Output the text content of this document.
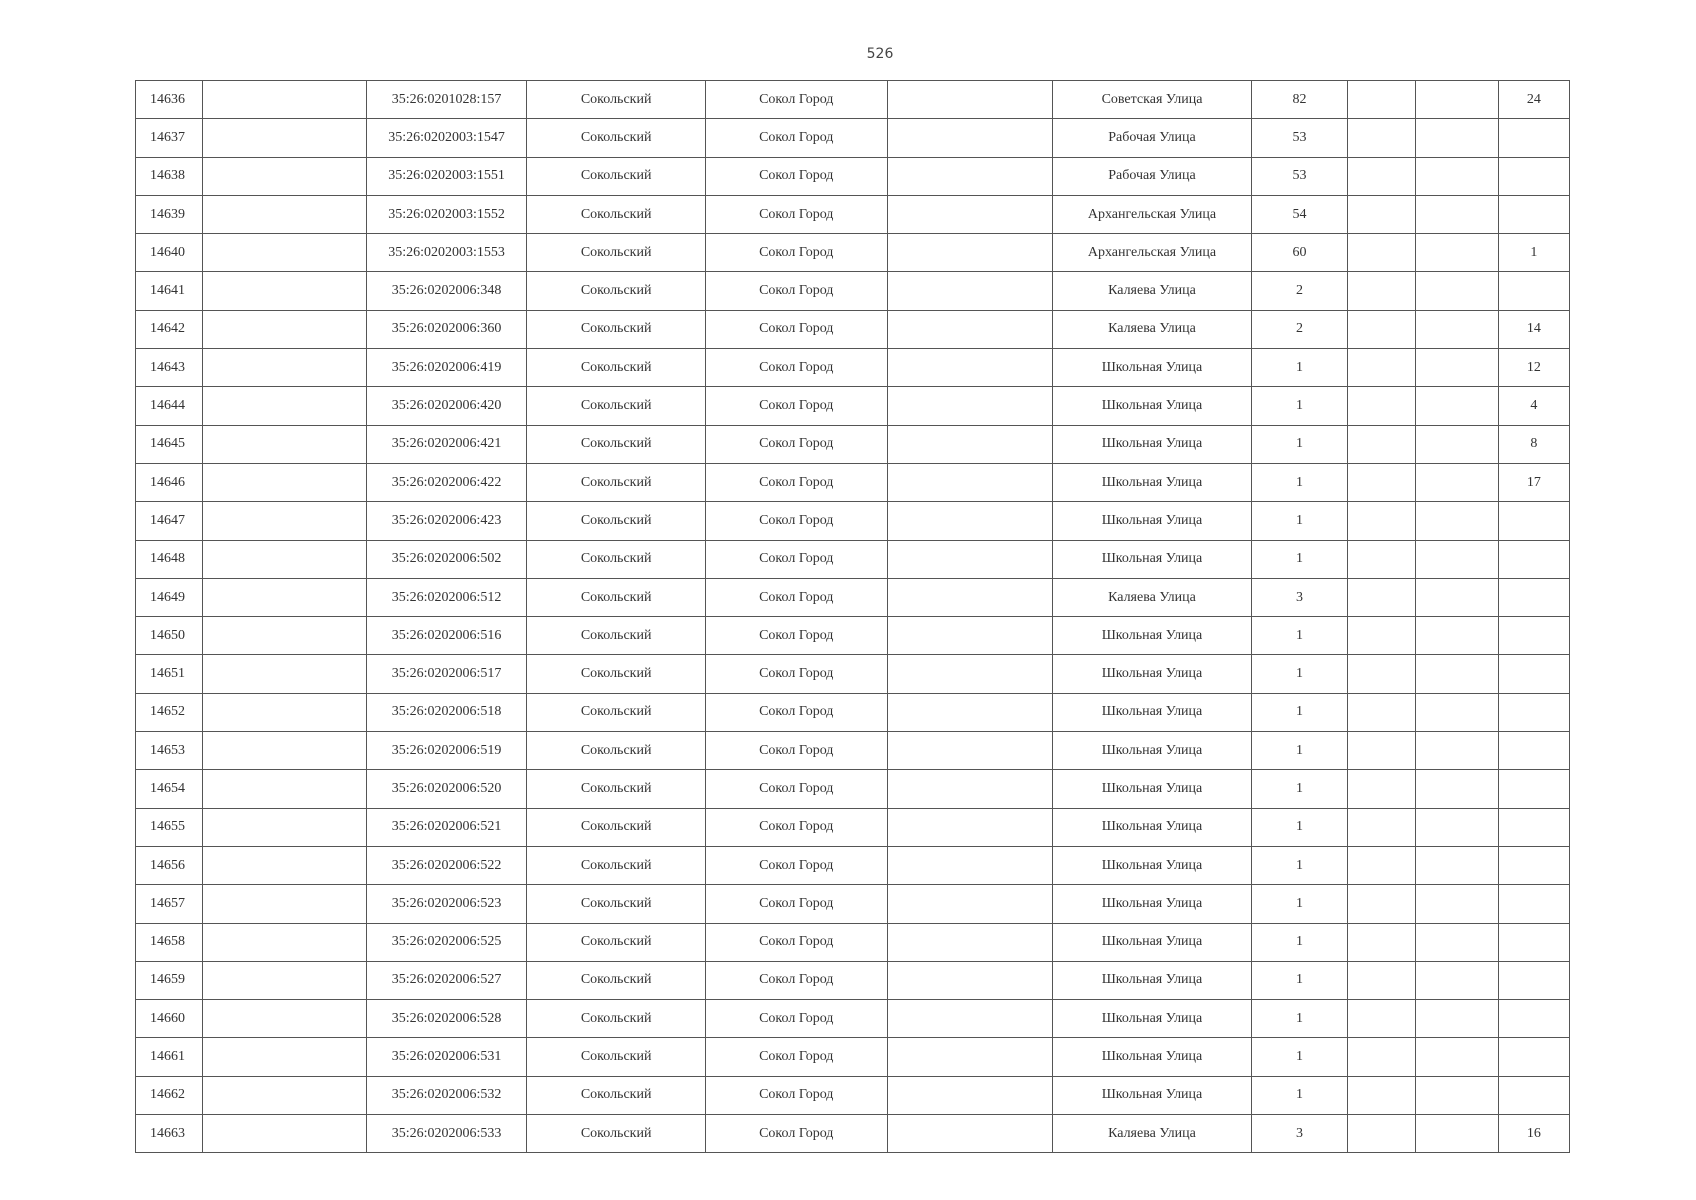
526
14636		35:26:0201028:157	Сокольский	Сокол Город		Советская Улица	82			24
14637		35:26:0202003:1547	Сокольский	Сокол Город		Рабочая Улица	53			
14638		35:26:0202003:1551	Сокольский	Сокол Город		Рабочая Улица	53			
14639		35:26:0202003:1552	Сокольский	Сокол Город		Архангельская Улица	54			
14640		35:26:0202003:1553	Сокольский	Сокол Город		Архангельская Улица	60			1
14641		35:26:0202006:348	Сокольский	Сокол Город		Каляева Улица	2			
14642		35:26:0202006:360	Сокольский	Сокол Город		Каляева Улица	2			14
14643		35:26:0202006:419	Сокольский	Сокол Город		Школьная Улица	1			12
14644		35:26:0202006:420	Сокольский	Сокол Город		Школьная Улица	1			4
14645		35:26:0202006:421	Сокольский	Сокол Город		Школьная Улица	1			8
14646		35:26:0202006:422	Сокольский	Сокол Город		Школьная Улица	1			17
14647		35:26:0202006:423	Сокольский	Сокол Город		Школьная Улица	1			
14648		35:26:0202006:502	Сокольский	Сокол Город		Школьная Улица	1			
14649		35:26:0202006:512	Сокольский	Сокол Город		Каляева Улица	3			
14650		35:26:0202006:516	Сокольский	Сокол Город		Школьная Улица	1			
14651		35:26:0202006:517	Сокольский	Сокол Город		Школьная Улица	1			
14652		35:26:0202006:518	Сокольский	Сокол Город		Школьная Улица	1			
14653		35:26:0202006:519	Сокольский	Сокол Город		Школьная Улица	1			
14654		35:26:0202006:520	Сокольский	Сокол Город		Школьная Улица	1			
14655		35:26:0202006:521	Сокольский	Сокол Город		Школьная Улица	1			
14656		35:26:0202006:522	Сокольский	Сокол Город		Школьная Улица	1			
14657		35:26:0202006:523	Сокольский	Сокол Город		Школьная Улица	1			
14658		35:26:0202006:525	Сокольский	Сокол Город		Школьная Улица	1			
14659		35:26:0202006:527	Сокольский	Сокол Город		Школьная Улица	1			
14660		35:26:0202006:528	Сокольский	Сокол Город		Школьная Улица	1			
14661		35:26:0202006:531	Сокольский	Сокол Город		Школьная Улица	1			
14662		35:26:0202006:532	Сокольский	Сокол Город		Школьная Улица	1			
14663		35:26:0202006:533	Сокольский	Сокол Город		Каляева Улица	3			16
